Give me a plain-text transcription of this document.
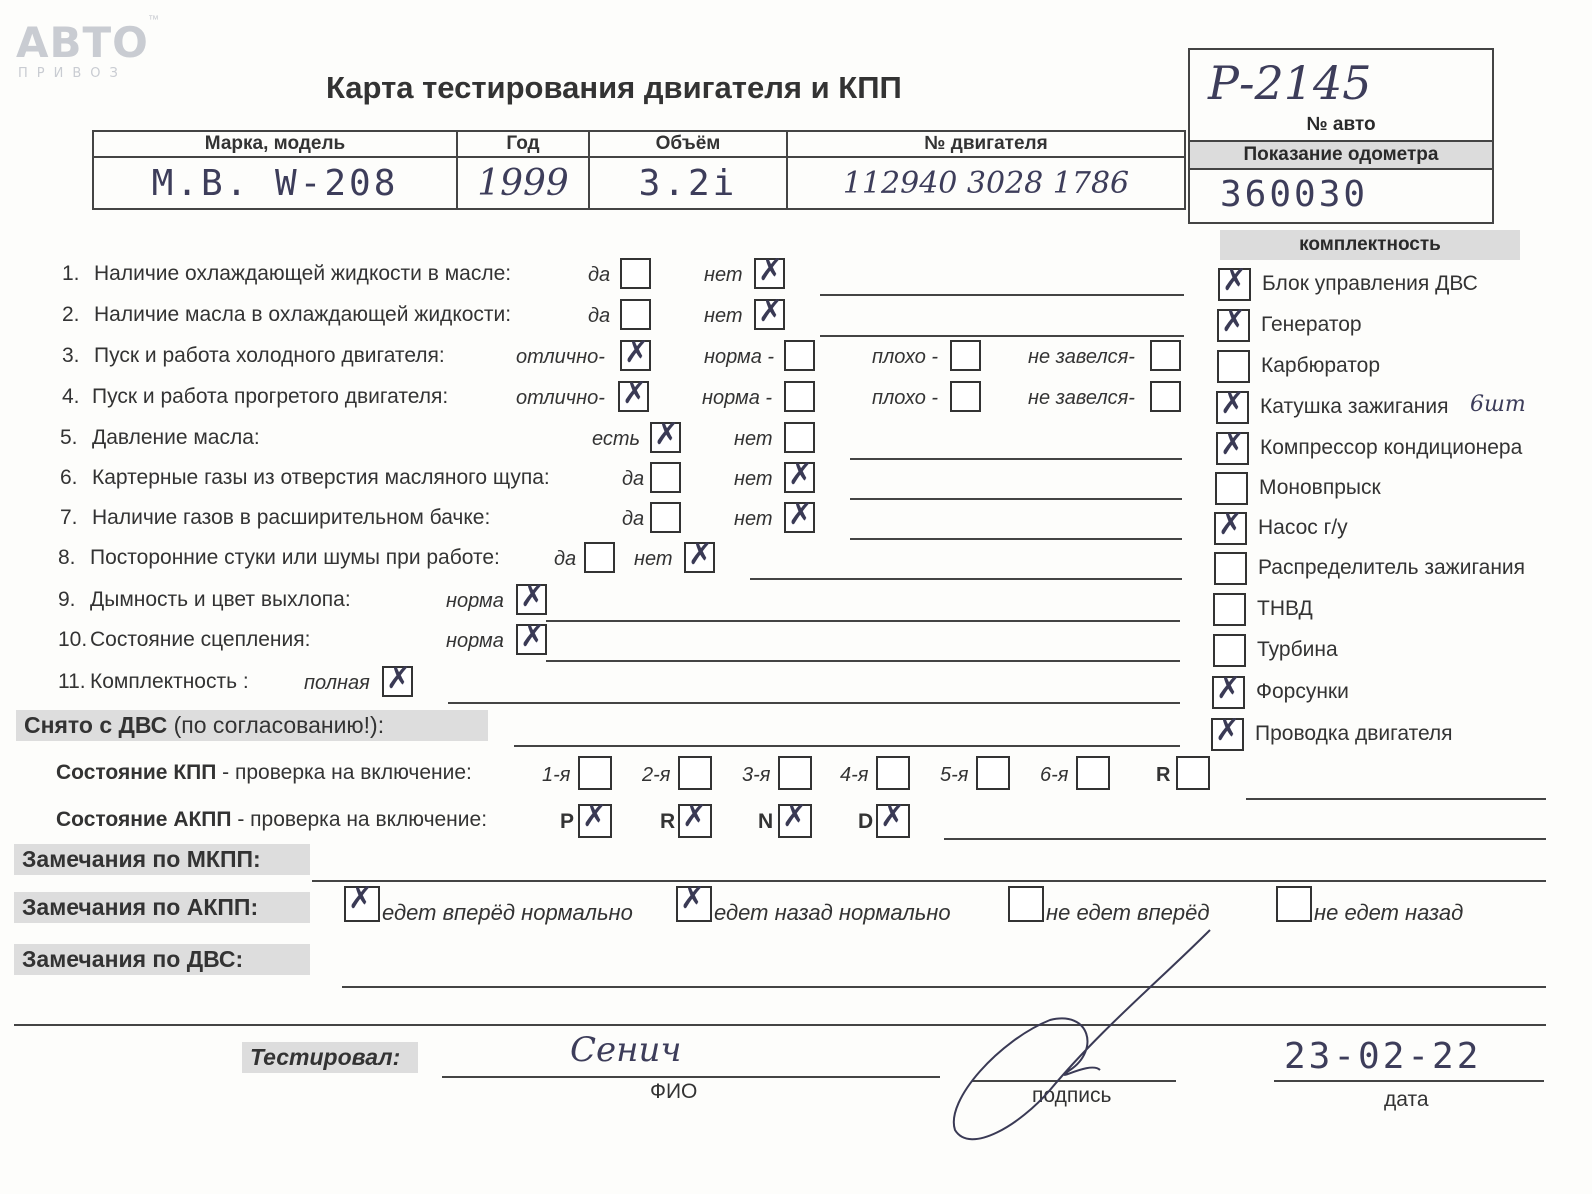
АВТО
ПРИВОЗ
™
Карта тестирования двигателя и КПП	Р-2145
№ авто
Показание одометра
360030
Марка, модель	Год	Объём	№ двигателя
M.B. W-208	1999	3.2i	112940 3028 1786
1. Наличие охлаждающей жидкости в масле:	да	нет ✗
2. Наличие масла в охлаждающей жидкости:	да	нет ✗
3. Пуск и работа холодного двигателя:	отлично- ✗	норма -	плохо -	не завелся-
4. Пуск и работа прогретого двигателя:	отлично- ✗	норма -	плохо -	не завелся-
5. Давление масла:	есть ✗	нет
6. Картерные газы из отверстия масляного щупа:	да	нет ✗
7. Наличие газов в расширительном бачке:	да	нет ✗
8. Посторонние стуки или шумы при работе:	да	нет ✗
9. Дымность и цвет выхлопа:	норма ✗
10. Состояние сцепления:	норма ✗
11. Комплектность :	полная ✗
комплектность
✗ Блок управления ДВС
✗ Генератор
Карбюратор
✗ Катушка зажигания
✗ Компрессор кондиционера
Моновпрыск
✗ Насос г/у
Распределитель зажигания
ТНВД
Турбина
✗ Форсунки
✗ Проводка двигателя
6шт
Снято с ДВС (по согласованию!):
Состояние КПП - проверка на включение:	1-я	2-я	3-я	4-я	5-я	6-я	R
Состояние АКПП - проверка на включение:	P ✗	R ✗ N ✗ D ✗
Замечания по МКПП:
Замечания по АКПП:	✗ едет вперёд нормально ✗ едет назад нормально	не едет вперёд	не едет назад
Замечания по ДВС:
Тестировал:	Сенич
ФИО	подпись
23-02-22
дата
